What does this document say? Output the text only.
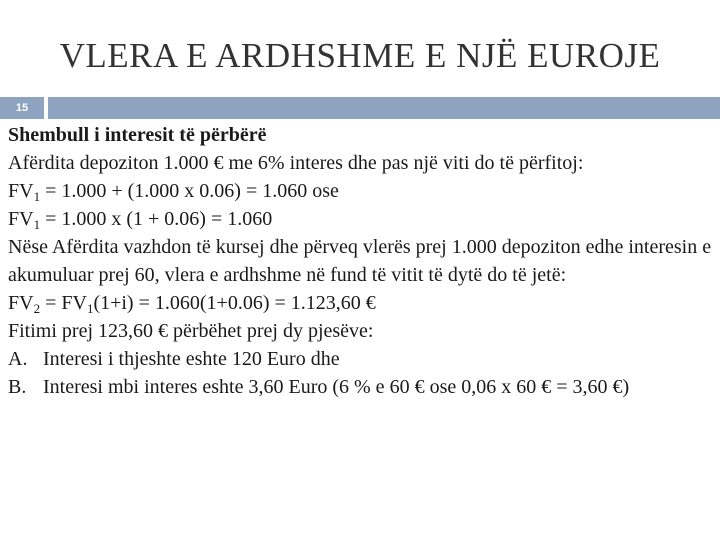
VLERA E ARDHSHME E NJË EUROJE
15

Shembull i interesit të përbërë

Afërdita depoziton 1.000 € me 6% interes dhe pas një viti do të përfitoj:

$FV_1 = 1.000 + (1.000$ x 0.06) = 1.060 ose

$FV_1 = 1.000$ x (1 + 0.06) = 1.060

Nëse Afërdita vazhdon të kursej dhe përveq vlerës prej 1.000 depoziton edhe interesin e akumuluar prej 60, vlera e ardhshme në fund të vitit të dytë do të jetë:

$FV_2 = FV_1(1+i) = 1.060(1+0.06) = 1.123,60$ €

Fitimi prej 123,60 € përbëhet prej dy pjesëve:

A. Interesi i thjeshte eshte 120 Euro dhe
B. Interesi mbi interes eshte 3,60 Euro (6 % e 60 € ose 0,06 x 60 € = 3,60 €)
